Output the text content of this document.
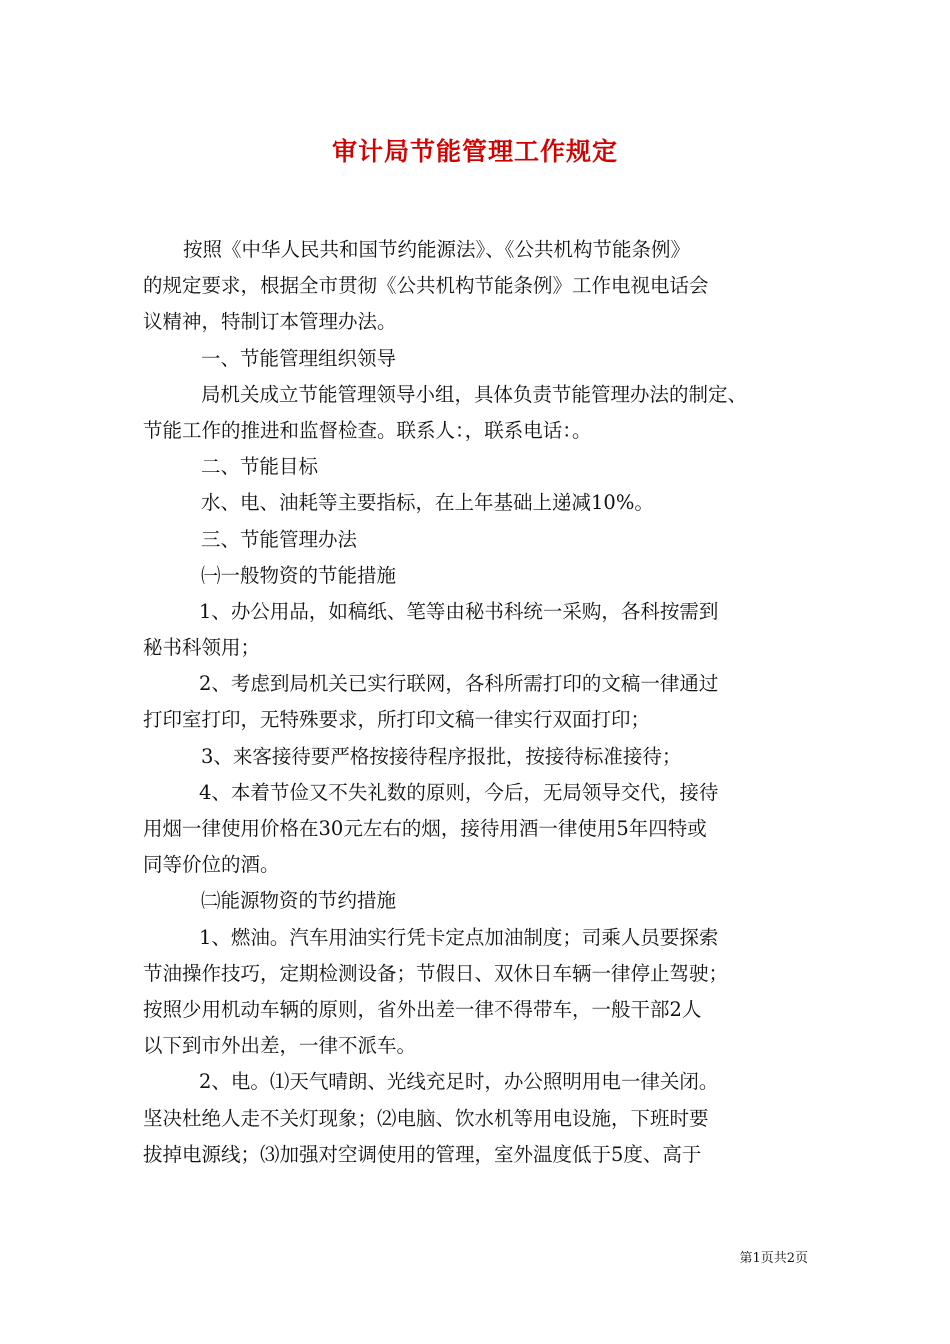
审计局节能管理工作规定
按照《中华人民共和国节约能源法》、《公共机构节能条例》
的规定要求，根据全市贯彻《公共机构节能条例》工作电视电话会
议精神，特制订本管理办法。
一、节能管理组织领导
局机关成立节能管理领导小组，具体负责节能管理办法的制定、
节能工作的推进和监督检查。联系人：，联系电话：。
二、节能目标
水、电、油耗等主要指标，在上年基础上递减10%。
三、节能管理办法
㈠一般物资的节能措施
1、办公用品，如稿纸、笔等由秘书科统一采购，各科按需到
秘书科领用；
2、考虑到局机关已实行联网，各科所需打印的文稿一律通过
打印室打印，无特殊要求，所打印文稿一律实行双面打印；
3、来客接待要严格按接待程序报批，按接待标准接待；
4、本着节俭又不失礼数的原则，今后，无局领导交代，接待
用烟一律使用价格在30元左右的烟，接待用酒一律使用5年四特或
同等价位的酒。
㈡能源物资的节约措施
1、燃油。汽车用油实行凭卡定点加油制度；司乘人员要探索
节油操作技巧，定期检测设备；节假日、双休日车辆一律停止驾驶；
按照少用机动车辆的原则，省外出差一律不得带车，一般干部2人
以下到市外出差，一律不派车。
2、电。⑴天气晴朗、光线充足时，办公照明用电一律关闭。
坚决杜绝人走不关灯现象；⑵电脑、饮水机等用电设施，下班时要
拔掉电源线；⑶加强对空调使用的管理，室外温度低于5度、高于
第1页共2页
